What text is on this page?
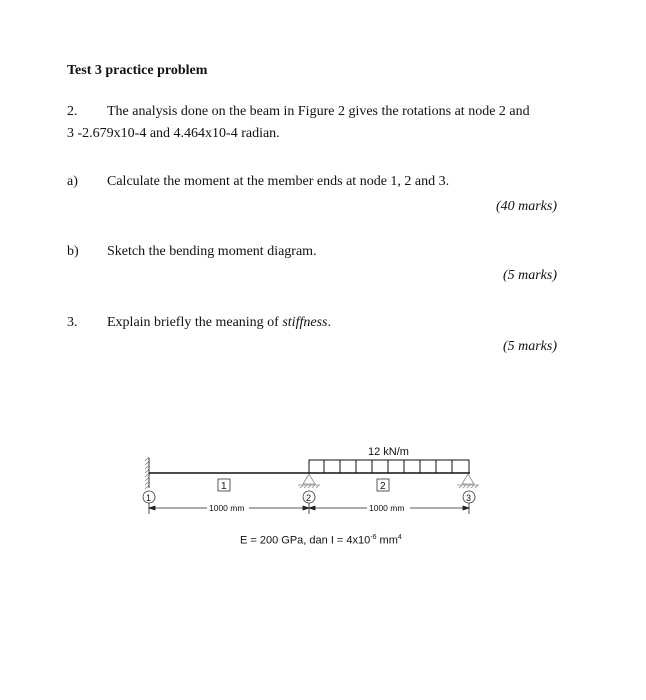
Test 3 practice problem
2. The analysis done on the beam in Figure 2 gives the rotations at node 2 and
3 -2.679x10-4 and 4.464x10-4 radian.
a) Calculate the moment at the member ends at node 1, 2 and 3.
(40 marks)
b) Sketch the bending moment diagram.
(5 marks)
3. Explain briefly the meaning of stiffness.
(5 marks)
12 kN/m
1	2
1	2	3
1000 mm	1000 mm
E = 200 GPa, dan $I = 4x10^{-6}$ $mm^4$
